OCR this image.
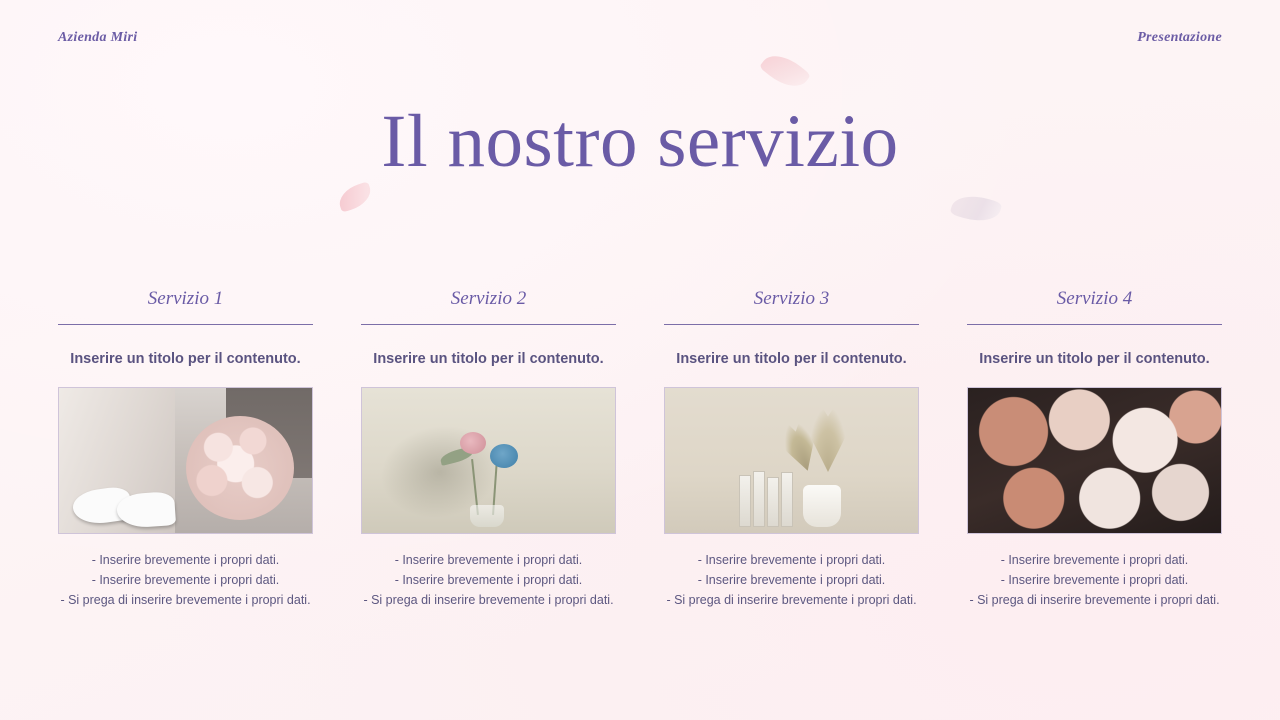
Azienda Miri	Presentazione
Il nostro servizio
Servizio 1
Inserire un titolo per il contenuto.
- Inserire brevemente i propri dati.
- Inserire brevemente i propri dati.
- Si prega di inserire brevemente i propri dati.
Servizio 2
Inserire un titolo per il contenuto.
- Inserire brevemente i propri dati.
- Inserire brevemente i propri dati.
- Si prega di inserire brevemente i propri dati.
Servizio 3
Inserire un titolo per il contenuto.
- Inserire brevemente i propri dati.
- Inserire brevemente i propri dati.
- Si prega di inserire brevemente i propri dati.
Servizio 4
Inserire un titolo per il contenuto.
- Inserire brevemente i propri dati.
- Inserire brevemente i propri dati.
- Si prega di inserire brevemente i propri dati.
